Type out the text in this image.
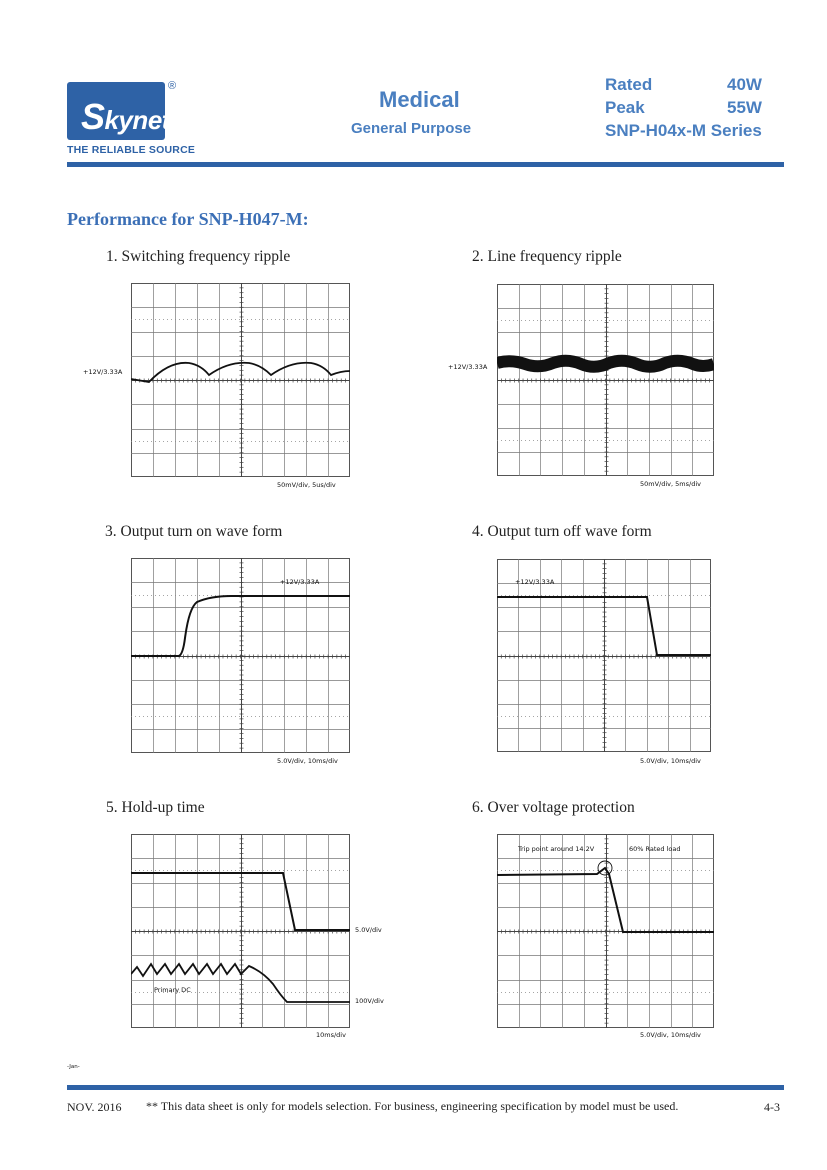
Skynet
®
THE RELIABLE SOURCE
Medical
General Purpose
Rated	40W
Peak	55W
SNP-H04x-M Series
Performance for SNP-H047-M:
1. Switching frequency ripple	2. Line frequency ripple
3. Output turn on wave form	4. Output turn off wave form
5. Hold-up time	6. Over voltage protection
+12V/3.33A
50mV/div, 5us/div
+12V/3.33A
50mV/div, 5ms/div
+12V/3.33A
5.0V/div, 10ms/div
+12V/3.33A
5.0V/div, 10ms/div
Primary DC
5.0V/div
100V/div
10ms/div
Trip point around 14.2V	60% Rated load
5.0V/div, 10ms/div
-Jan-
NOV. 2016 ** This data sheet is only for models selection. For business, engineering specification by model must be used.	4-3
